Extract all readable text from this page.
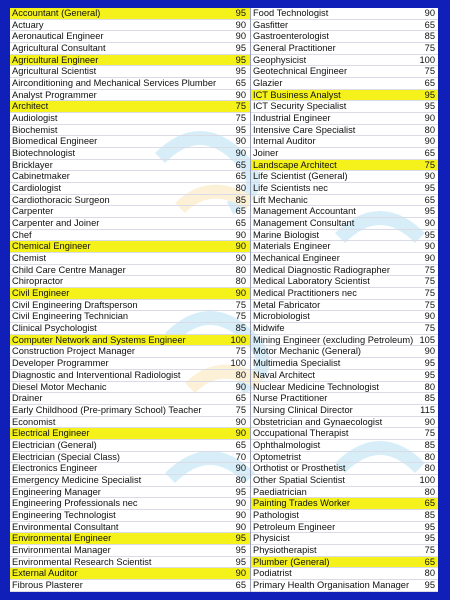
Accountant (General)	95
Actuary	90
Aeronautical Engineer	90
Agricultural Consultant	95
Agricultural Engineer	95
Agricultural Scientist	95
Airconditioning and Mechanical Services Plumber	65
Analyst Programmer	90
Architect	75
Audiologist	75
Biochemist	95
Biomedical Engineer	90
Biotechnologist	90
Bricklayer	65
Cabinetmaker	65
Cardiologist	80
Cardiothoracic Surgeon	85
Carpenter	65
Carpenter and Joiner	65
Chef	90
Chemical Engineer	90
Chemist	90
Child Care Centre Manager	80
Chiropractor	80
Civil Engineer	90
Civil Engineering Draftsperson	75
Civil Engineering Technician	75
Clinical Psychologist	85
Computer Network and Systems Engineer	100
Construction Project Manager	75
Developer Programmer	100
Diagnostic and Interventional Radiologist	80
Diesel Motor Mechanic	90
Drainer	65
Early Childhood (Pre-primary School) Teacher	75
Economist	90
Electrical Engineer	90
Electrician (General)	65
Electrician (Special Class)	70
Electronics Engineer	90
Emergency Medicine Specialist	80
Engineering Manager	95
Engineering Professionals nec	90
Engineering Technologist	90
Environmental Consultant	90
Environmental Engineer	95
Environmental Manager	95
Environmental Research Scientist	95
External Auditor	90
Fibrous Plasterer	65
Food Technologist	90
Gasfitter	65
Gastroenterologist	85
General Practitioner	75
Geophysicist	100
Geotechnical Engineer	75
Glazier	65
ICT Business Analyst	95
ICT Security Specialist	95
Industrial Engineer	90
Intensive Care Specialist	80
Internal Auditor	90
Joiner	65
Landscape Architect	75
Life Scientist (General)	90
Life Scientists nec	95
Lift Mechanic	65
Management Accountant	95
Management Consultant	90
Marine Biologist	95
Materials Engineer	90
Mechanical Engineer	90
Medical Diagnostic Radiographer	75
Medical Laboratory Scientist	75
Medical Practitioners nec	75
Metal Fabricator	75
Microbiologist	90
Midwife	75
Mining Engineer (excluding Petroleum) 105
Motor Mechanic (General)	90
Multimedia Specialist	95
Naval Architect	95
Nuclear Medicine Technologist	80
Nurse Practitioner	85
Nursing Clinical Director	115
Obstetrician and Gynaecologist	90
Occupational Therapist	75
Ophthalmologist	85
Optometrist	80
Orthotist or Prosthetist	80
Other Spatial Scientist	100
Paediatrician	80
Painting Trades Worker	65
Pathologist	85
Petroleum Engineer	95
Physicist	95
Physiotherapist	75
Plumber (General)	65
Podiatrist	80
Primary Health Organisation Manager	95
